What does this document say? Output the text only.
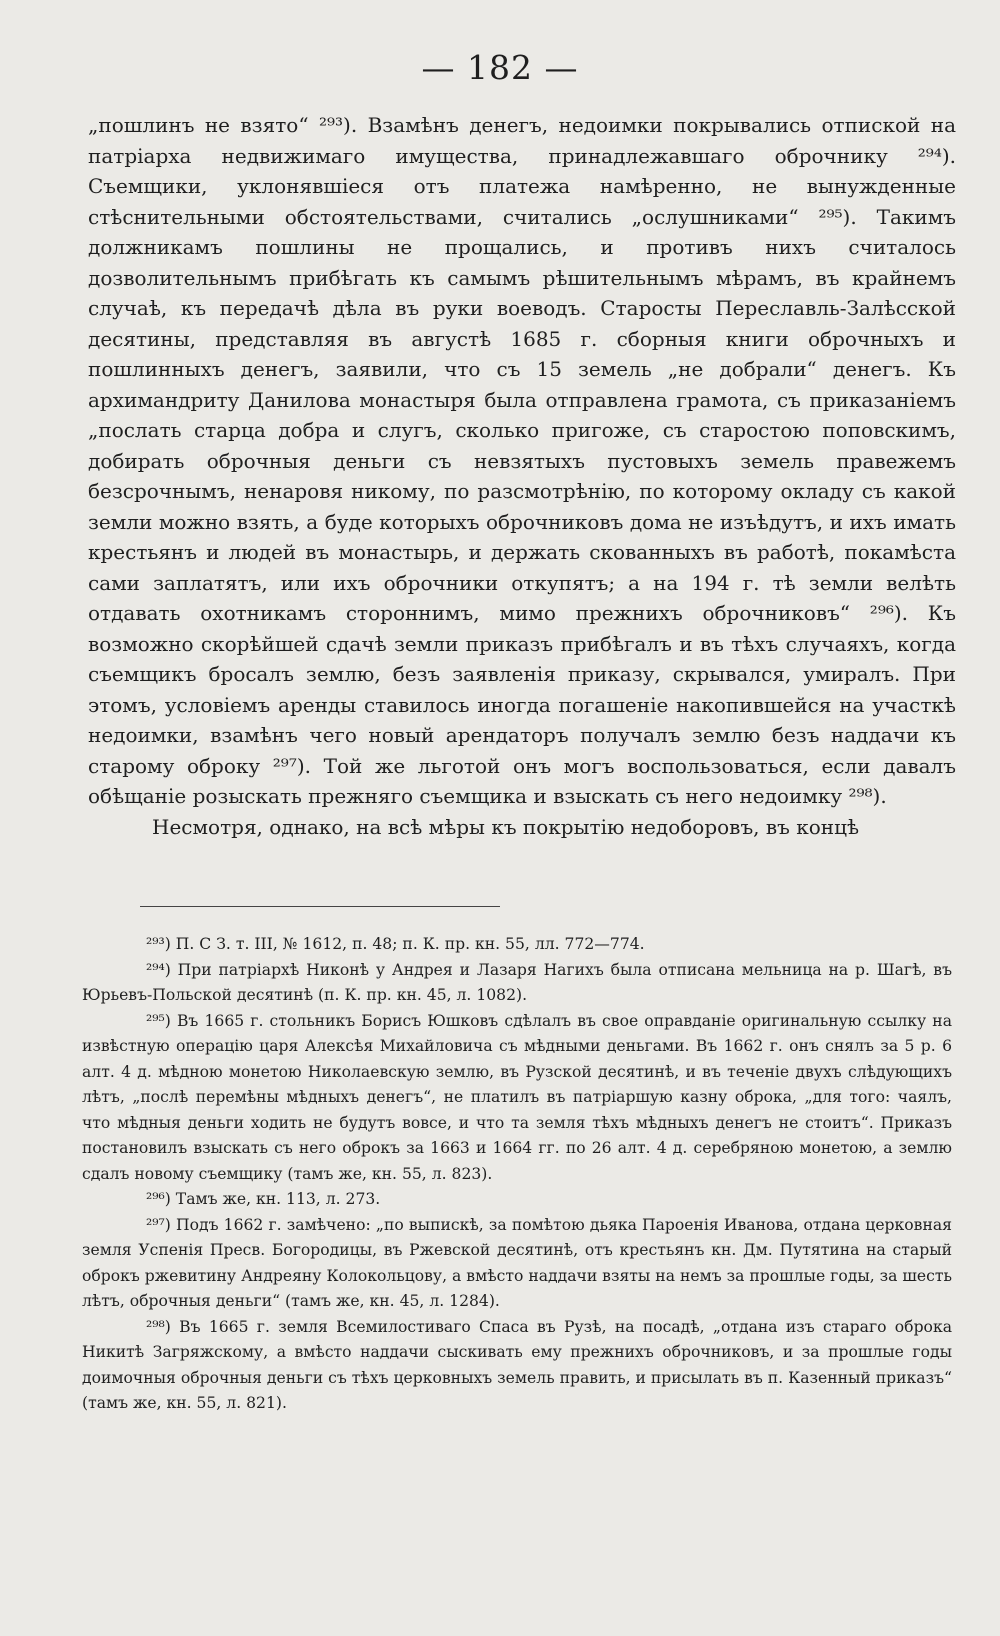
— 182 —

„пошлинъ не взято“ ²⁹³). Взамѣнъ денегъ, недоимки покрывались отпиской на патріарха недвижимаго имущества, принадлежавшаго оброчнику ²⁹⁴). Съемщики, уклонявшіеся отъ платежа намѣренно, не вынужденные стѣснительными обстоятельствами, считались „ослушниками“ ²⁹⁵). Такимъ должникамъ пошлины не прощались, и противъ нихъ считалось дозволительнымъ прибѣгать къ самымъ рѣшительнымъ мѣрамъ, въ крайнемъ случаѣ, къ передачѣ дѣла въ руки воеводъ. Старосты Переславль-Залѣсской десятины, представляя въ августѣ 1685 г. сборныя книги оброчныхъ и пошлинныхъ денегъ, заявили, что съ 15 земель „не добрали“ денегъ. Къ архимандриту Данилова монастыря была отправлена грамота, съ приказаніемъ „послать старца добра и слугъ, сколько пригоже, съ старостою поповскимъ, добирать оброчныя деньги съ невзятыхъ пустовыхъ земель правежемъ безсрочнымъ, ненаровя никому, по разсмотрѣнію, по которому окладу съ какой земли можно взять, а буде которыхъ оброчниковъ дома не изъѣдутъ, и ихъ имать крестьянъ и людей въ монастырь, и держать скованныхъ въ работѣ, покамѣста сами заплатятъ, или ихъ оброчники откупятъ; а на 194 г. тѣ земли велѣть отдавать охотникамъ стороннимъ, мимо прежнихъ оброчниковъ“ ²⁹⁶). Къ возможно скорѣйшей сдачѣ земли приказъ прибѣгалъ и въ тѣхъ случаяхъ, когда съемщикъ бросалъ землю, безъ заявленія приказу, скрывался, умиралъ. При этомъ, условіемъ аренды ставилось иногда погашеніе накопившейся на участкѣ недоимки, взамѣнъ чего новый арендаторъ получалъ землю безъ наддачи къ старому оброку ²⁹⁷). Той же льготой онъ могъ воспользоваться, если давалъ обѣщаніе розыскать прежняго съемщика и взыскать съ него недоимку ²⁹⁸).

Несмотря, однако, на всѣ мѣры къ покрытію недоборовъ, въ концѣ

²⁹³) П. С З. т. III, № 1612, п. 48; п. К. пр. кн. 55, лл. 772—774.

²⁹⁴) При патріархѣ Никонѣ у Андрея и Лазаря Нагихъ была отписана мельница на р. Шагѣ, въ Юрьевъ-Польской десятинѣ (п. К. пр. кн. 45, л. 1082).

²⁹⁵) Въ 1665 г. стольникъ Борисъ Юшковъ сдѣлалъ въ свое оправданіе оригинальную ссылку на извѣстную операцію царя Алексѣя Михайловича съ мѣдными деньгами. Въ 1662 г. онъ снялъ за 5 р. 6 алт. 4 д. мѣдною монетою Николаевскую землю, въ Рузской десятинѣ, и въ теченіе двухъ слѣдующихъ лѣтъ, „послѣ перемѣны мѣдныхъ денегъ“, не платилъ въ патріаршую казну оброка, „для того: чаялъ, что мѣдныя деньги ходить не будутъ вовсе, и что та земля тѣхъ мѣдныхъ денегъ не стоитъ“. Приказъ постановилъ взыскать съ него оброкъ за 1663 и 1664 гг. по 26 алт. 4 д. серебряною монетою, а землю сдалъ новому съемщику (тамъ же, кн. 55, л. 823).

²⁹⁶) Тамъ же, кн. 113, л. 273.

²⁹⁷) Подъ 1662 г. замѣчено: „по выпискѣ, за помѣтою дьяка Пароенія Иванова, отдана церковная земля Успенія Пресв. Богородицы, въ Ржевской десятинѣ, отъ крестьянъ кн. Дм. Путятина на старый оброкъ ржевитину Андреяну Колокольцову, а вмѣсто наддачи взяты на немъ за прошлые годы, за шесть лѣтъ, оброчныя деньги“ (тамъ же, кн. 45, л. 1284).

²⁹⁸) Въ 1665 г. земля Всемилостиваго Спаса въ Рузѣ, на посадѣ, „отдана изъ стараго оброка Никитѣ Загряжскому, а вмѣсто наддачи сыскивать ему прежнихъ оброчниковъ, и за прошлые годы доимочныя оброчныя деньги съ тѣхъ церковныхъ земель править, и присылать въ п. Казенный приказъ“ (тамъ же, кн. 55, л. 821).
